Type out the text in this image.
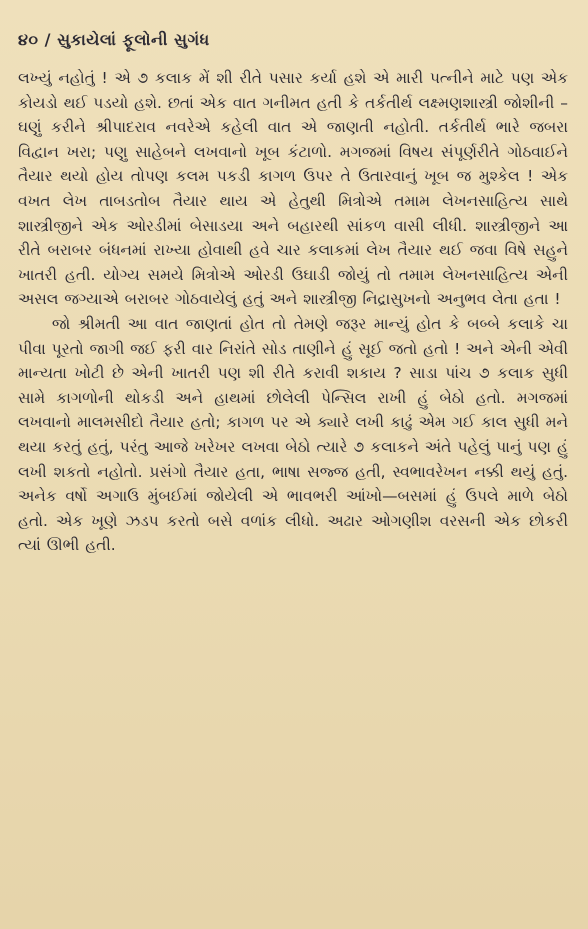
૪૦ / સુકાયેલાં ફૂલોની સુગંધ

લખ્યું નહોતું ! એ ૭ કલાક મેં શી રીતે પસાર કર્યા હશે એ મારી પત્નીને માટે પણ એક કોયડો થઈ પડયો હશે. છતાં એક વાત ગનીમત હતી કે તર્કતીર્થ લક્ષ્મણશાસ્ત્રી જોશીની – ઘણું કરીને શ્રીપાદરાવ નવરેએ કહેલી વાત એ જાણતી નહોતી. તર્કતીર્થ ભારે જબરા વિદ્વાન ખરા; પણુ સાહેબને લખવાનો ખૂબ કંટાળો. મગજમાં વિષય સંપૂર્ણરીતે ગોઠવાઈને તૈયાર થયો હોય તોપણ કલમ પકડી કાગળ ઉપર તે ઉતારવાનું ખૂબ જ મુશ્કેલ ! એક વખત લેખ તાબડતોબ તૈયાર થાય એ હેતુથી મિત્રોએ તમામ લેખનસાહિત્ય સાથે શાસ્ત્રીજીને એક ઓરડીમાં બેસાડયા અને બહારથી સાંકળ વાસી લીધી. શાસ્ત્રીજીને આ રીતે બરાબર બંધનમાં રાખ્યા હોવાથી હવે ચાર કલાકમાં લેખ તૈયાર થઈ જવા વિષે સહુને ખાતરી હતી. યોગ્ય સમયે મિત્રોએ ઓરડી ઉઘાડી જોયું તો તમામ લેખનસાહિત્ય એની અસલ જગ્યાએ બરાબર ગોઠવાયેલું હતું અને શાસ્ત્રીજી નિદ્રાસુખનો અનુભવ લેતા હતા !

જો શ્રીમતી આ વાત જાણતાં હોત તો તેમણે જરૂર માન્યું હોત કે બબ્બે કલાકે ચા પીવા પૂરતો જાગી જઈ ફરી વાર નિરાંતે સોડ તાણીને હું સૂઈ જતો હતો ! અને એની એવી માન્યતા ખોટી છે એની ખાતરી પણ શી રીતે કરાવી શકાય ? સાડા પાંચ ૭ કલાક સુધી સામે કાગળોની થોકડી અને હાથમાં છોલેલી પેન્સિલ રાખી હું બેઠો હતો. મગજમાં લખવાનો માલમસીદો તૈયાર હતો; કાગળ પર એ ક્યારે લખી કાઢું એમ ગઈ કાલ સુધી મને થયા કરતું હતું, પરંતુ આજે ખરેખર લખવા બેઠો ત્યારે ૭ કલાકને અંતે પહેલું પાનું પણ હું લખી શકતો નહોતો. પ્રસંગો તૈયાર હતા, ભાષા સજ્જ હતી, સ્વભાવરેખન નક્કી થયું હતું. અનેક વર્ષો અગાઉ મુંબઈમાં જોયેલી એ ભાવભરી આંખો—બસમાં હું ઉપલે માળે બેઠો હતો. એક ખૂણે ઝડપ કરતો બસે વળાંક લીધો. અઢાર ઓગણીશ વરસની એક છોકરી ત્યાં ઊભી હતી.
